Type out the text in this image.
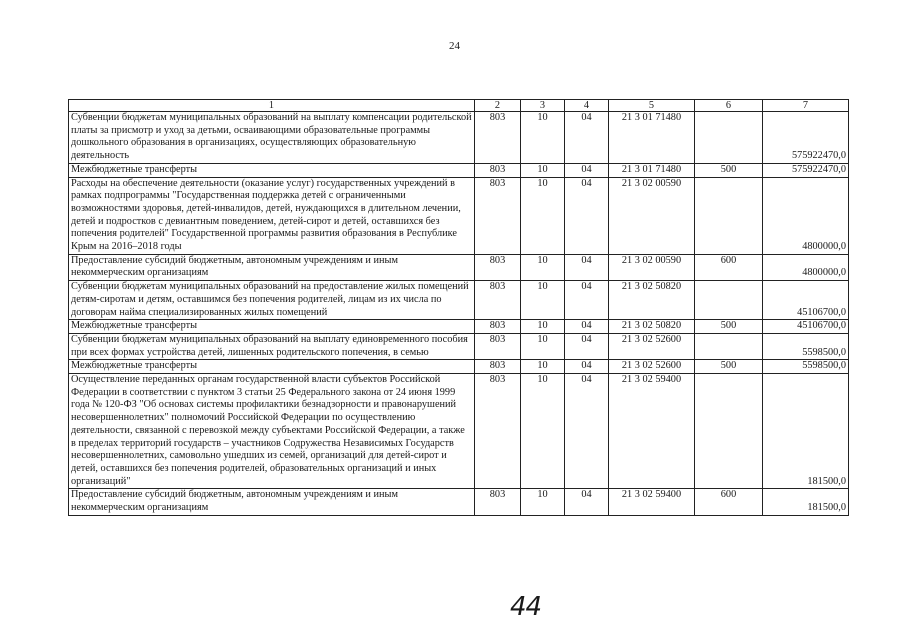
24
1	2	3	4	5	6	7
Субвенции бюджетам муниципальных образований на выплату компенсации родительской платы за присмотр и уход за детьми, осваивающими образовательные программы дошкольного образования в организациях, осуществляющих образовательную деятельность	803	10	04	21 3 01 71480		575922470,0
Межбюджетные трансферты	803	10	04	21 3 01 71480	500	575922470,0
Расходы на обеспечение деятельности (оказание услуг) государственных учреждений в рамках подпрограммы "Государственная поддержка детей с ограниченными возможностями здоровья, детей-инвалидов, детей, нуждающихся в длительном лечении, детей и подростков с девиантным поведением, детей-сирот и детей, оставшихся без попечения родителей" Государственной программы развития образования в Республике Крым на 2016–2018 годы	803	10	04	21 3 02 00590		4800000,0
Предоставление субсидий бюджетным, автономным учреждениям и иным некоммерческим организациям	803	10	04	21 3 02 00590	600	4800000,0
Субвенции бюджетам муниципальных образований на предоставление жилых помещений детям-сиротам и детям, оставшимся без попечения родителей, лицам из их числа по договорам найма специализированных жилых помещений	803	10	04	21 3 02 50820		45106700,0
Межбюджетные трансферты	803	10	04	21 3 02 50820	500	45106700,0
Субвенции бюджетам муниципальных образований на выплату единовременного пособия при всех формах устройства детей, лишенных родительского попечения, в семью	803	10	04	21 3 02 52600		5598500,0
Межбюджетные трансферты	803	10	04	21 3 02 52600	500	5598500,0
Осуществление переданных органам государственной власти субъектов Российской Федерации в соответствии с пунктом 3 статьи 25 Федерального закона от 24 июня 1999 года № 120-ФЗ "Об основах системы профилактики безнадзорности и правонарушений несовершеннолетних" полномочий Российской Федерации по осуществлению деятельности, связанной с перевозкой между субъектами Российской Федерации, а также в пределах территорий государств – участников Содружества Независимых Государств несовершеннолетних, самовольно ушедших из семей, организаций для детей-сирот и детей, оставшихся без попечения родителей, образовательных организаций и иных организаций"	803	10	04	21 3 02 59400		181500,0
Предоставление субсидий бюджетным, автономным учреждениям и иным некоммерческим организациям	803	10	04	21 3 02 59400	600	181500,0
44
